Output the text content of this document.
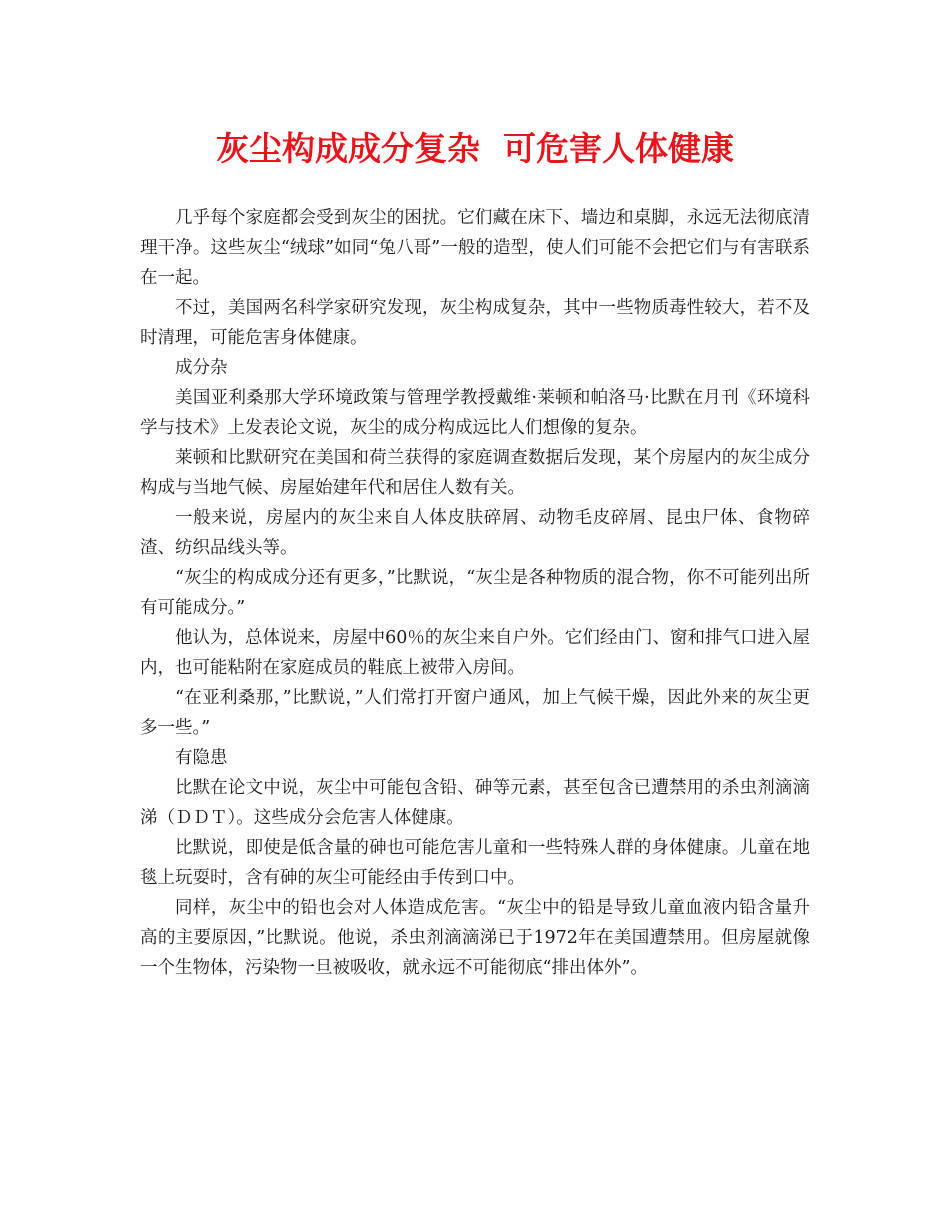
灰尘构成成分复杂  可危害人体健康

几乎每个家庭都会受到灰尘的困扰。它们藏在床下、墙边和桌脚，永远无法彻底清理干净。这些灰尘“绒球”如同“兔八哥”一般的造型，使人们可能不会把它们与有害联系在一起。

不过，美国两名科学家研究发现，灰尘构成复杂，其中一些物质毒性较大，若不及时清理，可能危害身体健康。

成分杂

美国亚利桑那大学环境政策与管理学教授戴维·莱顿和帕洛马·比默在月刊《环境科学与技术》上发表论文说，灰尘的成分构成远比人们想像的复杂。

莱顿和比默研究在美国和荷兰获得的家庭调查数据后发现，某个房屋内的灰尘成分构成与当地气候、房屋始建年代和居住人数有关。

一般来说，房屋内的灰尘来自人体皮肤碎屑、动物毛皮碎屑、昆虫尸体、食物碎渣、纺织品线头等。

“灰尘的构成成分还有更多，”比默说，“灰尘是各种物质的混合物，你不可能列出所有可能成分。”

他认为，总体说来，房屋中60％的灰尘来自户外。它们经由门、窗和排气口进入屋内，也可能粘附在家庭成员的鞋底上被带入房间。

“在亚利桑那，”比默说，”人们常打开窗户通风，加上气候干燥，因此外来的灰尘更多一些。”

有隐患

比默在论文中说，灰尘中可能包含铅、砷等元素，甚至包含已遭禁用的杀虫剂滴滴涕（ＤＤＴ）。这些成分会危害人体健康。

比默说，即使是低含量的砷也可能危害儿童和一些特殊人群的身体健康。儿童在地毯上玩耍时，含有砷的灰尘可能经由手传到口中。

同样，灰尘中的铅也会对人体造成危害。“灰尘中的铅是导致儿童血液内铅含量升高的主要原因，”比默说。他说，杀虫剂滴滴涕已于1972年在美国遭禁用。但房屋就像一个生物体，污染物一旦被吸收，就永远不可能彻底“排出体外”。
